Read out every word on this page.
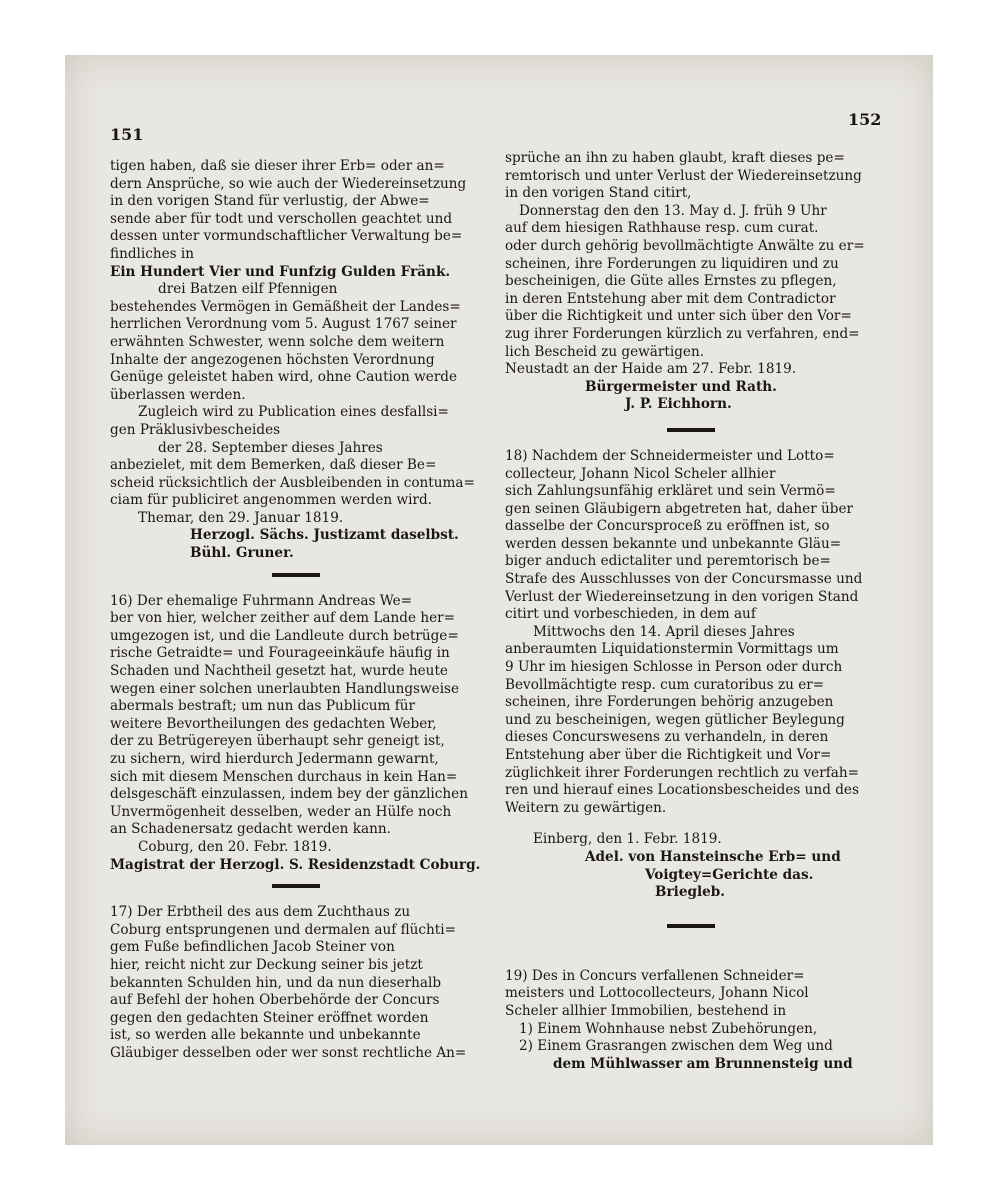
151
152
tigen haben, daß sie dieser ihrer Erb= oder an=
dern Ansprüche, so wie auch der Wiedereinsetzung
in den vorigen Stand für verlustig, der Abwe=
sende aber für todt und verschollen geachtet und
dessen unter vormundschaftlicher Verwaltung be=
findliches in
Ein Hundert Vier und Funfzig Gulden Fränk.
drei Batzen eilf Pfennigen
bestehendes Vermögen in Gemäßheit der Landes=
herrlichen Verordnung vom 5. August 1767 seiner
erwähnten Schwester, wenn solche dem weitern
Inhalte der angezogenen höchsten Verordnung
Genüge geleistet haben wird, ohne Caution werde
überlassen werden.
Zugleich wird zu Publication eines desfallsi=
gen Präklusivbescheides
der 28. September dieses Jahres
anbezielet, mit dem Bemerken, daß dieser Be=
scheid rücksichtlich der Ausbleibenden in contuma=
ciam für publiciret angenommen werden wird.
Themar, den 29. Januar 1819.
Herzogl. Sächs. Justizamt daselbst.
Bühl. Gruner.
16) Der ehemalige Fuhrmann Andreas We=
ber von hier, welcher zeither auf dem Lande her=
umgezogen ist, und die Landleute durch betrüge=
rische Getraidte= und Fourageeinkäufe häufig in
Schaden und Nachtheil gesetzt hat, wurde heute
wegen einer solchen unerlaubten Handlungsweise
abermals bestraft; um nun das Publicum für
weitere Bevortheilungen des gedachten Weber,
der zu Betrügereyen überhaupt sehr geneigt ist,
zu sichern, wird hierdurch Jedermann gewarnt,
sich mit diesem Menschen durchaus in kein Han=
delsgeschäft einzulassen, indem bey der gänzlichen
Unvermögenheit desselben, weder an Hülfe noch
an Schadenersatz gedacht werden kann.
Coburg, den 20. Febr. 1819.
Magistrat der Herzogl. S. Residenzstadt Coburg.
17) Der Erbtheil des aus dem Zuchthaus zu
Coburg entsprungenen und dermalen auf flüchti=
gem Fuße befindlichen Jacob Steiner von
hier, reicht nicht zur Deckung seiner bis jetzt
bekannten Schulden hin, und da nun dieserhalb
auf Befehl der hohen Oberbehörde der Concurs
gegen den gedachten Steiner eröffnet worden
ist, so werden alle bekannte und unbekannte
Gläubiger desselben oder wer sonst rechtliche An=
sprüche an ihn zu haben glaubt, kraft dieses pe=
remtorisch und unter Verlust der Wiedereinsetzung
in den vorigen Stand citirt,
Donnerstag den den 13. May d. J. früh 9 Uhr
auf dem hiesigen Rathhause resp. cum curat.
oder durch gehörig bevollmächtigte Anwälte zu er=
scheinen, ihre Forderungen zu liquidiren und zu
bescheinigen, die Güte alles Ernstes zu pflegen,
in deren Entstehung aber mit dem Contradictor
über die Richtigkeit und unter sich über den Vor=
zug ihrer Forderungen kürzlich zu verfahren, end=
lich Bescheid zu gewärtigen.
Neustadt an der Haide am 27. Febr. 1819.
Bürgermeister und Rath.
J. P. Eichhorn.
18) Nachdem der Schneidermeister und Lotto=
collecteur, Johann Nicol Scheler allhier
sich Zahlungsunfähig erkläret und sein Vermö=
gen seinen Gläubigern abgetreten hat, daher über
dasselbe der Concursproceß zu eröffnen ist, so
werden dessen bekannte und unbekannte Gläu=
biger anduch edictaliter und peremtorisch be=
Strafe des Ausschlusses von der Concursmasse und
Verlust der Wiedereinsetzung in den vorigen Stand
citirt und vorbeschieden, in dem auf
Mittwochs den 14. April dieses Jahres
anberaumten Liquidationstermin Vormittags um
9 Uhr im hiesigen Schlosse in Person oder durch
Bevollmächtigte resp. cum curatoribus zu er=
scheinen, ihre Forderungen behörig anzugeben
und zu bescheinigen, wegen gütlicher Beylegung
dieses Concurswesens zu verhandeln, in deren
Entstehung aber über die Richtigkeit und Vor=
züglichkeit ihrer Forderungen rechtlich zu verfah=
ren und hierauf eines Locationsbescheides und des
Weitern zu gewärtigen.
Einberg, den 1. Febr. 1819.
Adel. von Hansteinsche Erb= und
Voigtey=Gerichte das.
Briegleb.
19) Des in Concurs verfallenen Schneider=
meisters und Lottocollecteurs, Johann Nicol
Scheler allhier Immobilien, bestehend in
1) Einem Wohnhause nebst Zubehörungen,
2) Einem Grasrangen zwischen dem Weg und
dem Mühlwasser am Brunnensteig und
